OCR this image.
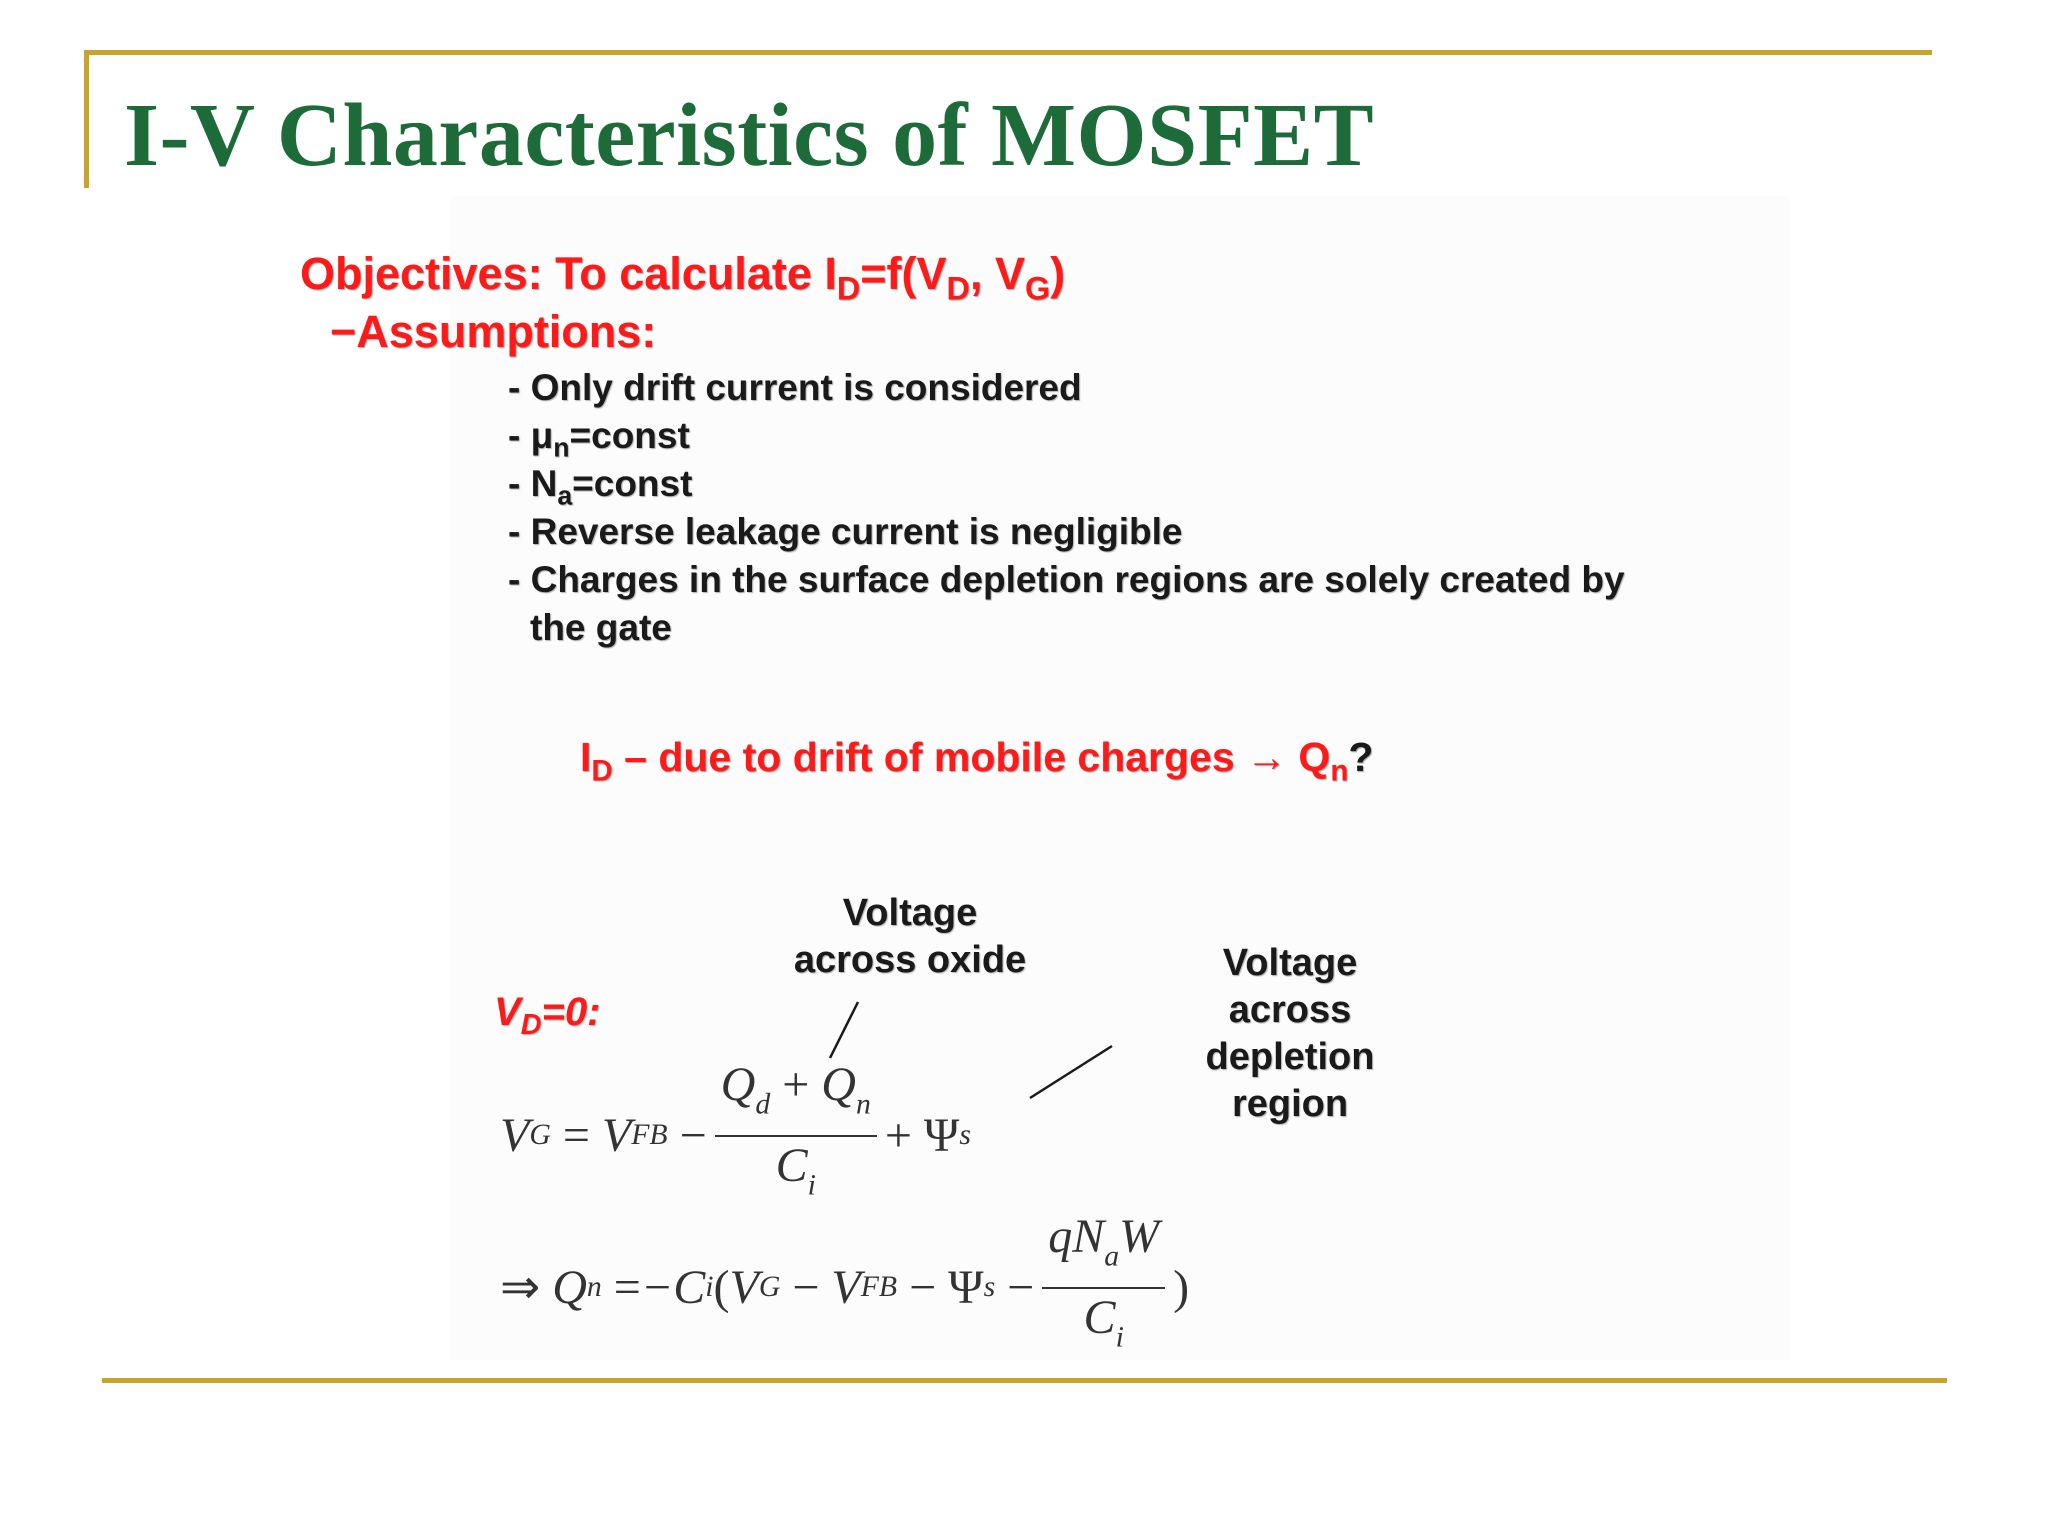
I-V Characteristics of MOSFET
Objectives: To calculate $I_D=f(V_D$, $V_G$)
−Assumptions:
- Only drift current is considered
- $\mu_n=const$
- $N_a=const$
- Reverse leakage current is negligible
- Charges in the surface depletion regions are solely created by
the gate
$I_D$ – due to drift of mobile charges → $Q_n$?
Voltage
across oxide	Voltage
across
depletion
region
$V_D=0$:
V G = V FB − $\frac{Q_d + Q_n}{C_i} + \Psi$ s
⇒ Q n = −C i ( V G − V FB − Ψ $s - \frac{qN_aW}{C_i}$ )
